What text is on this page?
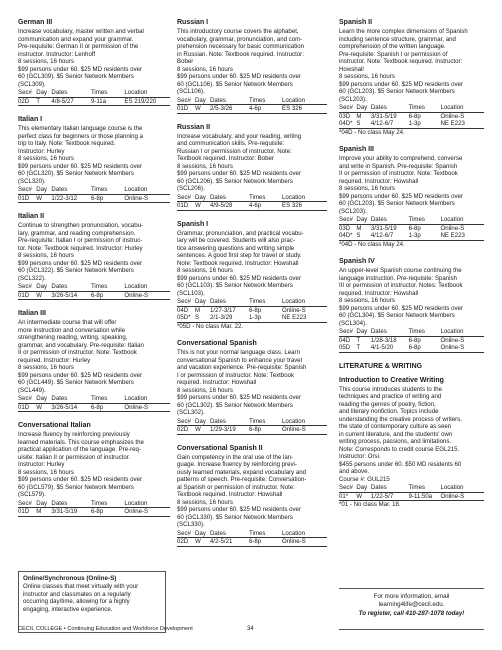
German III
Increase vocabulary, master written and verbal
communication and expand your grammar.
Pre-requisite: German II or permission of the
instructor. Instructor: Lenhoff
8 sessions, 16 hours
$99 persons under 60. $25 MD residents over
60 (GCL309). $5 Senior Network Members
(SCL309).
Sec# Day Dates	Times	Location
02D	T	4/8-5/27	9-11a	ES 219/220
Italian I
This elementary Italian language course is the
perfect class for beginners or those planning a
trip to Italy. Note: Textbook required.
Instructor: Hurley
8 sessions, 16 hours
$99 persons under 60. $25 MD residents over
60 (GCL320). $5 Senior Network Members
(SCL320).
Sec# Day Dates	Times	Location
01D	W	1/22-3/12	6-8p	Online-S
Italian II
Continue to strengthen pronunciation, vocabu-
lary, grammar, and reading comprehension.
Pre-requisite: Italian I or permission of instruc-
tor. Note: Textbook required. Instructor: Hurley
8 sessions, 16 hours
$99 persons under 60. $25 MD residents over
60 (GCL322). $5 Senior Network Members
(SCL322).
Sec# Day Dates	Times	Location
01D	W	3/26-5/14	6-8p	Online-S
Italian III
An intermediate course that will offer
more instruction and conversation while
strengthening reading, writing, speaking,
grammar, and vocabulary. Pre-requisite: Italian
II or permission of instructor. Note: Textbook
required. Instructor: Hurley
8 sessions, 16 hours
$99 persons under 60. $25 MD residents over
60 (GCL449). $5 Senior Network Members
(SCL449).
Sec# Day Dates	Times	Location
01D	W	3/26-5/14	6-8p	Online-S
Conversational Italian
Increase fluency by reinforcing previously
learned materials. This course emphasizes the
practical application of the language. Pre-req-
uisite: Italian II or permission of instructor.
Instructor: Hurley
8 sessions, 16 hours
$99 persons under 60. $25 MD residents over
60 (GCL579). $5 Senior Network Members
(SCL579).
Sec# Day Dates	Times	Location
01D	M	3/31-5/19	6-8p	Online-S
Russian I
This introductory course covers the alphabet,
vocabulary, grammar, pronunciation, and com-
prehension necessary for basic communication
in Russian. Note: Textbook required. Instructor:
Bober
8 sessions, 16 hours
$99 persons under 60. $25 MD residents over
60 (GCL106). $5 Senior Network Members
(SCL106).
Sec# Day Dates	Times	Location
01D	W	2/5-3/26	4-6p	ES 326
Russian II
Increase vocabulary, and your reading, writing
and communication skills. Pre-requisite:
Russian I or permission of instructor. Note:
Textbook required. Instructor: Bober
8 sessions, 16 hours
$99 persons under 60. $25 MD residents over
60 (GCL206). $5 Senior Network Members
(SCL206).
Sec# Day Dates	Times	Location
01D	W	4/9-5/28	4-6p	ES 326
Spanish I
Grammar, pronunciation, and practical vocabu-
lary will be covered. Students will also prac-
tice answering questions and writing simple
sentences. A good first step for travel or study.
Note: Textbook required. Instructor: Howshall
8 sessions, 16 hours
$99 persons under 60. $25 MD residents over
60 (GCL103). $5 Senior Network Members
(SCL103).
Sec# Day Dates	Times	Location
04D	M	1/27-3/17	6-8p	Online-S
05D* S	2/1-3/29	1-3p	NE E223
*05D - No class Mar. 22.
Conversational Spanish
This is not your normal language class. Learn
conversational Spanish to enhance your travel
and vacation experience. Pre-requisite: Spanish
I or permission of instructor. Note: Textbook
required. Instructor: Howshall
8 sessions, 16 hours
$99 persons under 60. $25 MD residents over
60 (GCL302). $5 Senior Network Members
(SCL302).
Sec# Day Dates	Times	Location
02D	W	1/29-3/19	6-8p	Online-S
Conversational Spanish II
Gain competency in the oral use of the lan-
guage. Increase fluency by reinforcing previ-
ously learned materials, expand vocabulary and
patterns of speech. Pre-requisite: Conversation-
al Spanish or permission of instructor. Note:
Textbook required. Instructor: Howshall
8 sessions, 16 hours
$99 persons under 60. $25 MD residents over
60 (GCL330). $5 Senior Network Members
(SCL330).
Sec# Day Dates	Times	Location
02D	W	4/2-5/21	6-8p	Online-S
Spanish II
Learn the more complex dimensions of Spanish
including sentence structure, grammar, and
comprehension of the written language.
Pre-requisite: Spanish I or permission of
instructor. Note: Textbook required. Instructor:
Howshall
8 sessions, 16 hours
$99 persons under 60. $25 MD residents over
60 (GCL203). $5 Senior Network Members
(SCL203).
Sec# Day Dates	Times	Location
03D	M	3/31-5/19	6-8p	Online-S
04D* S	4/12-6/7	1-3p	NE E223
*04D - No class May 24.
Spanish III
Improve your ability to comprehend, converse
and write in Spanish. Pre-requisite: Spanish
II or permission of instructor. Note: Textbook
required. Instructor: Howshall
8 sessions, 16 hours
$99 persons under 60. $25 MD residents over
60 (GCL203). $5 Senior Network Members
(SCL203).
Sec# Day Dates	Times	Location
03D	M	3/31-5/19	6-8p	Online-S
04D* S	4/12-6/7	1-3p	NE E223
*04D - No class May 24.
Spanish IV
An upper-level Spanish course continuing the
language instruction. Pre-requisite: Spanish
III or permission of instructor. Notes: Textbook
required. Instructor: Howshall
8 sessions, 16 hours
$99 persons under 60. $25 MD residents over
60 (GCL304). $5 Senior Network Members
(SCL304).
Sec# Day Dates	Times	Location
04D	T	1/28-3/18	6-8p	Online-S
05D	T	4/1-5/20	6-8p	Online-S
LITERATURE & WRITING
Introduction to Creative Writing
This course introduces students to the
techniques and practice of writing and
reading the genres of poetry, fiction,
and literary nonfiction. Topics include
understanding the creative process of writers,
the state of contemporary culture as seen
in current literature, and the students' own
writing process, passions, and limitations.
Note: Corresponds to credit course EGL215.
Instructor: Orsi.
$455 persons under 60. $50 MD residents 60
and above.
Course #: GUL215
Sec# Day Dates	Times	Location
01*	W	1/22-5/7	9-11:50a	Online-S
*01 - No class Mar. 18.
Online/Synchronous (Online-S)
Online classes that meet virtually with your
instructor and classmates on a regularly
occurring day/time, allowing for a highly
engaging, interactive experience.
For more information, email
learning4life@cecil.edu.
To register, call 410-287-1078 today!
CECIL COLLEGE • Continuing Education and Workforce Development	34
